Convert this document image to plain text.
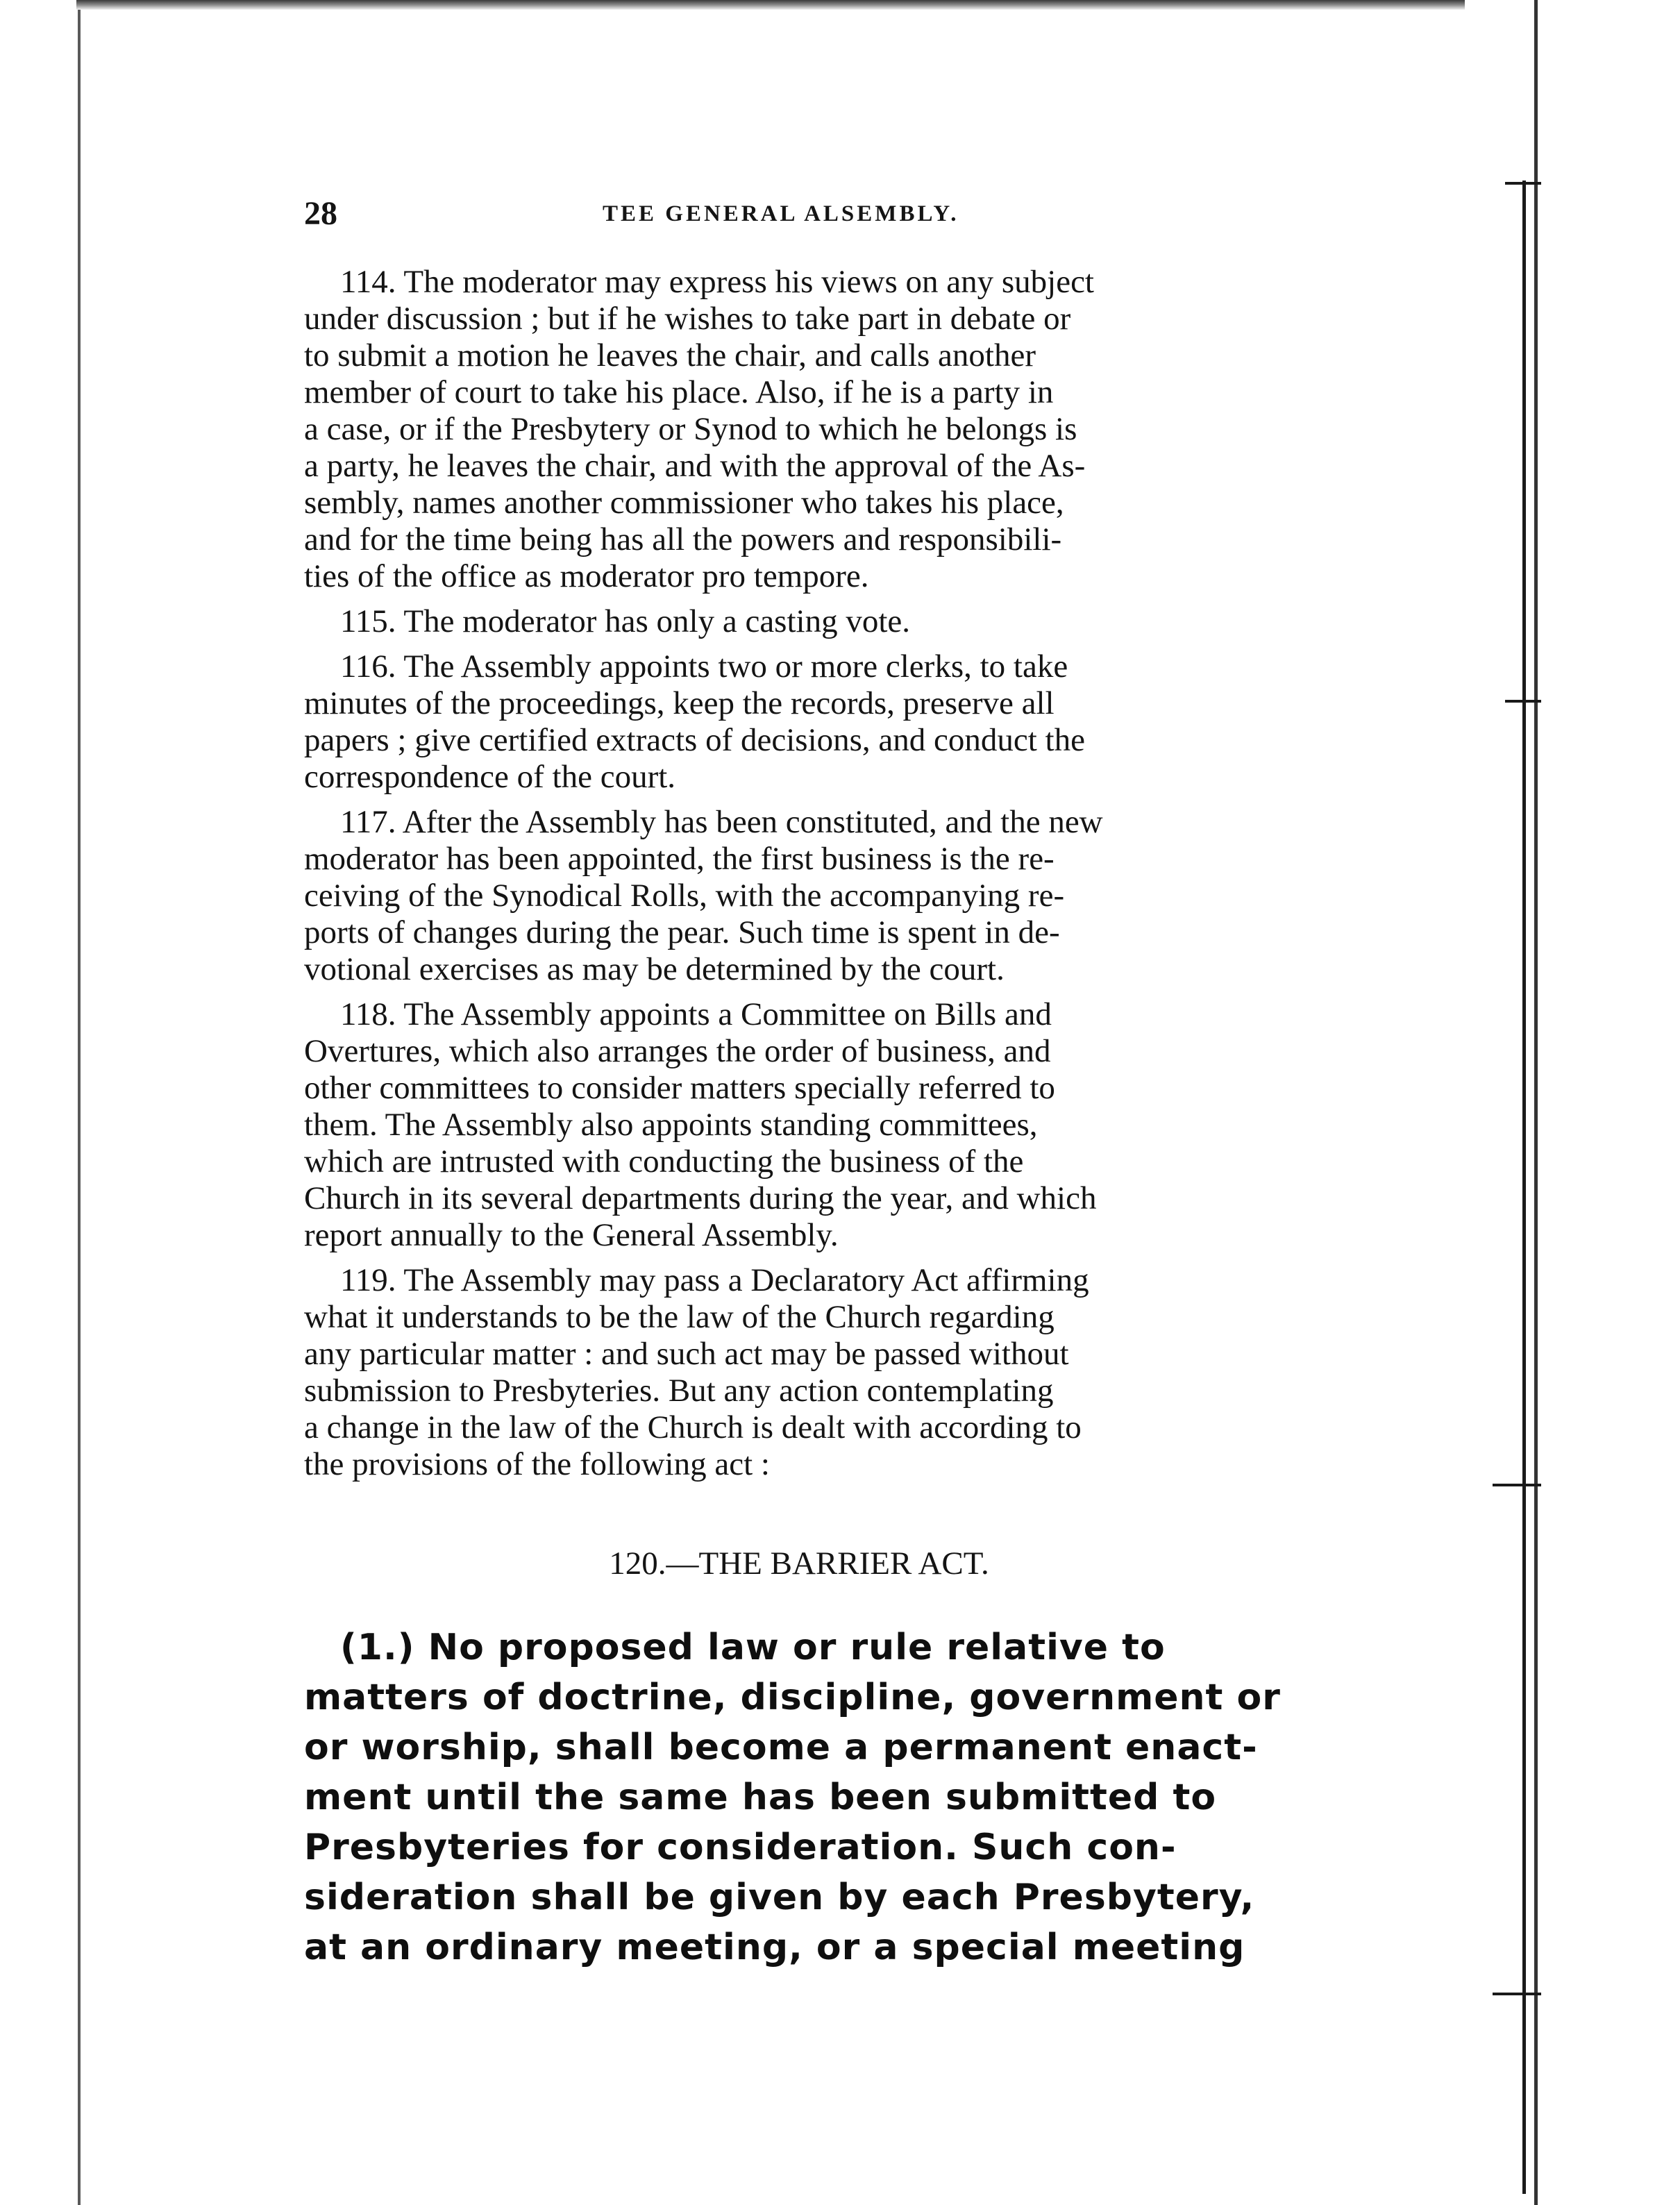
28	TEE GENERAL ALSEMBLY.

114. The moderator may express his views on any subject
under discussion ; but if he wishes to take part in debate or
to submit a motion he leaves the chair, and calls another
member of court to take his place. Also, if he is a party in
a case, or if the Presbytery or Synod to which he belongs is
a party, he leaves the chair, and with the approval of the As-
sembly, names another commissioner who takes his place,
and for the time being has all the powers and responsibili-
ties of the office as moderator pro tempore.

115. The moderator has only a casting vote.

116. The Assembly appoints two or more clerks, to take
minutes of the proceedings, keep the records, preserve all
papers ; give certified extracts of decisions, and conduct the
correspondence of the court.

117. After the Assembly has been constituted, and the new
moderator has been appointed, the first business is the re-
ceiving of the Synodical Rolls, with the accompanying re-
ports of changes during the pear. Such time is spent in de-
votional exercises as may be determined by the court.

118. The Assembly appoints a Committee on Bills and
Overtures, which also arranges the order of business, and
other committees to consider matters specially referred to
them. The Assembly also appoints standing committees,
which are intrusted with conducting the business of the
Church in its several departments during the year, and which
report annually to the General Assembly.

119. The Assembly may pass a Declaratory Act affirming
what it understands to be the law of the Church regarding
any particular matter : and such act may be passed without
submission to Presbyteries. But any action contemplating
a change in the law of the Church is dealt with according to
the provisions of the following act :

120.—THE BARRIER ACT.
(1.) No proposed law or rule relative to
matters of doctrine, discipline, government or
or worship, shall become a permanent enact-
ment until the same has been submitted to
Presbyteries for consideration. Such con-
sideration shall be given by each Presbytery,
at an ordinary meeting, or a special meeting
